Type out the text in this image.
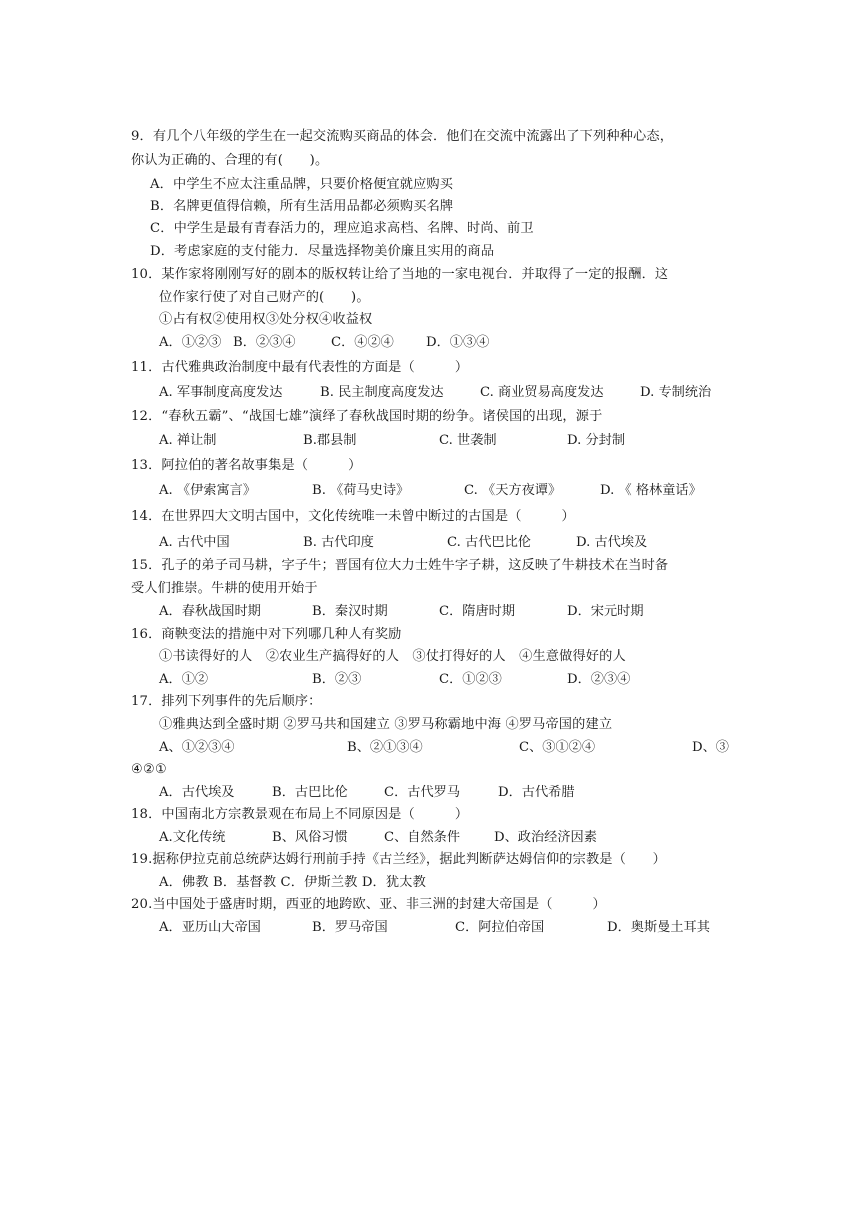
9．有几个八年级的学生在一起交流购买商品的体会．他们在交流中流露出了下列种种心态，
你认为正确的、合理的有(　　)。
A．中学生不应太注重品牌，只要价格便宜就应购买
B．名牌更值得信赖，所有生活用品都必须购买名牌
C．中学生是最有青春活力的，理应追求高档、名牌、时尚、前卫
D．考虑家庭的支付能力．尽量选择物美价廉且实用的商品
10．某作家将刚刚写好的剧本的版权转让给了当地的一家电视台．并取得了一定的报酬．这
位作家行使了对自己财产的(　　)。
①占有权②使用权③处分权④收益权
A．①②③ B．②③④	C．④②④ D．①③④
11．古代雅典政治制度中最有代表性的方面是（　　　）
A. 军事制度高度发达	B. 民主制度高度发达	C. 商业贸易高度发达	D. 专制统治
12．“春秋五霸”、“战国七雄”演绎了春秋战国时期的纷争。诸侯国的出现，源于
A. 禅让制	B.郡县制	C. 世袭制	D. 分封制
13．阿拉伯的著名故事集是（　　　）
A. 《伊索寓言》	B. 《荷马史诗》	C. 《天方夜谭》	D. 《 格林童话》
14．在世界四大文明古国中，文化传统唯一未曾中断过的古国是（　　　）
A. 古代中国	B. 古代印度	C. 古代巴比伦	D. 古代埃及
15．孔子的弟子司马耕，字子牛；晋国有位大力士姓牛字子耕，这反映了牛耕技术在当时备
受人们推崇。牛耕的使用开始于
A．春秋战国时期	B．秦汉时期	C．隋唐时期	D．宋元时期
16．商鞅变法的措施中对下列哪几种人有奖励
①书读得好的人　②农业生产搞得好的人　③仗打得好的人　④生意做得好的人
A．①②	B．②③	C．①②③	D．②③④
17．排列下列事件的先后顺序：
①雅典达到全盛时期 ②罗马共和国建立 ③罗马称霸地中海 ④罗马帝国的建立
A、①②③④	B、②①③④	C、③①②④	D、③
④②①
A．古代埃及	B．古巴比伦	C．古代罗马	D．古代希腊
18．中国南北方宗教景观在布局上不同原因是（　　　）
A.文化传统	B、风俗习惯	C、自然条件	D、政治经济因素
19.据称伊拉克前总统萨达姆行刑前手持《古兰经》，据此判断萨达姆信仰的宗教是（　　）
A．佛教 B．基督教 C．伊斯兰教 D．犹太教
20.当中国处于盛唐时期，西亚的地跨欧、亚、非三洲的封建大帝国是（　　　）
A．亚历山大帝国	B．罗马帝国	C．阿拉伯帝国	D．奥斯曼土耳其
